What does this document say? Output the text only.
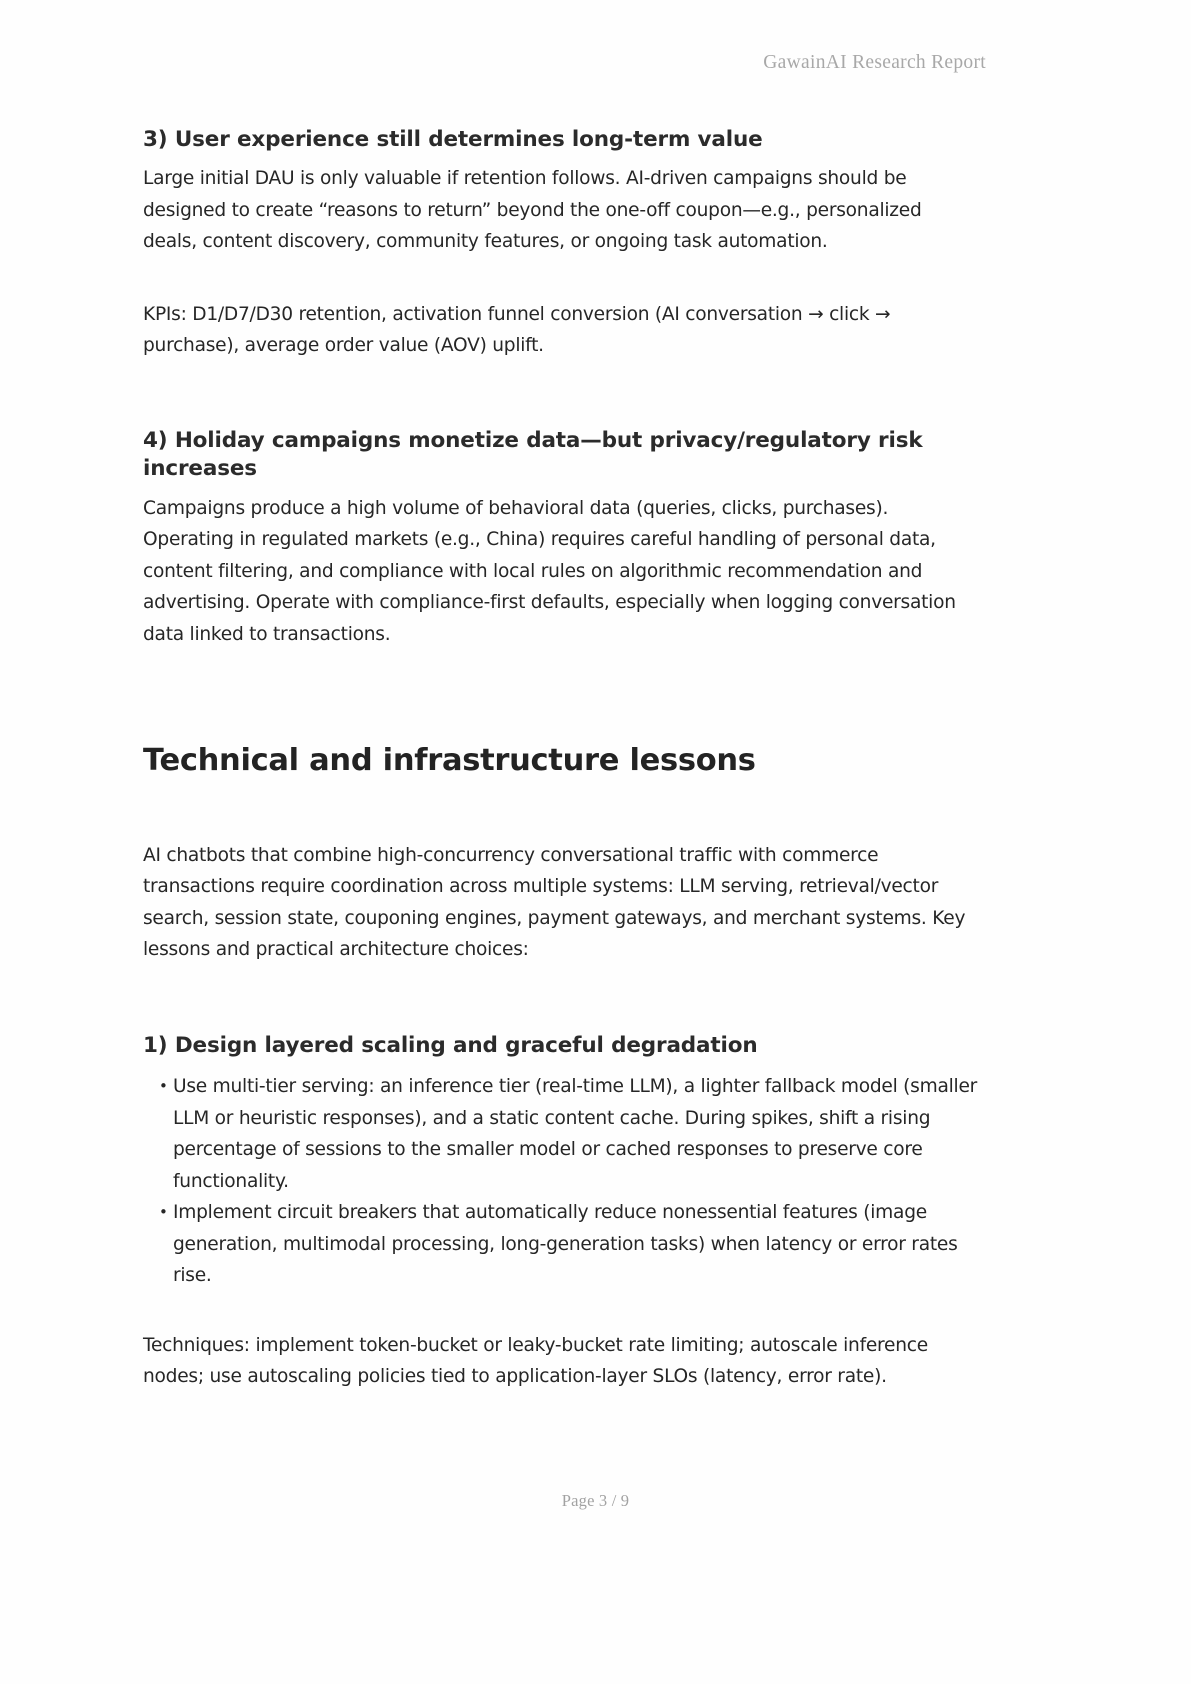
GawainAI Research Report
3) User experience still determines long-term value

Large initial DAU is only valuable if retention follows. AI-driven campaigns should be designed to create “reasons to return” beyond the one-off coupon—e.g., personalized deals, content discovery, community features, or ongoing task automation.

KPIs: D1/D7/D30 retention, activation funnel conversion (AI conversation → click → purchase), average order value (AOV) uplift.

4) Holiday campaigns monetize data—but privacy/regulatory risk increases

Campaigns produce a high volume of behavioral data (queries, clicks, purchases). Operating in regulated markets (e.g., China) requires careful handling of personal data, content filtering, and compliance with local rules on algorithmic recommendation and advertising. Operate with compliance-first defaults, especially when logging conversation data linked to transactions.

Technical and infrastructure lessons

AI chatbots that combine high-concurrency conversational traffic with commerce transactions require coordination across multiple systems: LLM serving, retrieval/vector search, session state, couponing engines, payment gateways, and merchant systems. Key lessons and practical architecture choices:

1) Design layered scaling and graceful degradation
• Use multi-tier serving: an inference tier (real-time LLM), a lighter fallback model (smaller LLM or heuristic responses), and a static content cache. During spikes, shift a rising percentage of sessions to the smaller model or cached responses to preserve core functionality.
• Implement circuit breakers that automatically reduce nonessential features (image generation, multimodal processing, long-generation tasks) when latency or error rates rise.

Techniques: implement token-bucket or leaky-bucket rate limiting; autoscale inference nodes; use autoscaling policies tied to application-layer SLOs (latency, error rate).

Page 3 / 9
